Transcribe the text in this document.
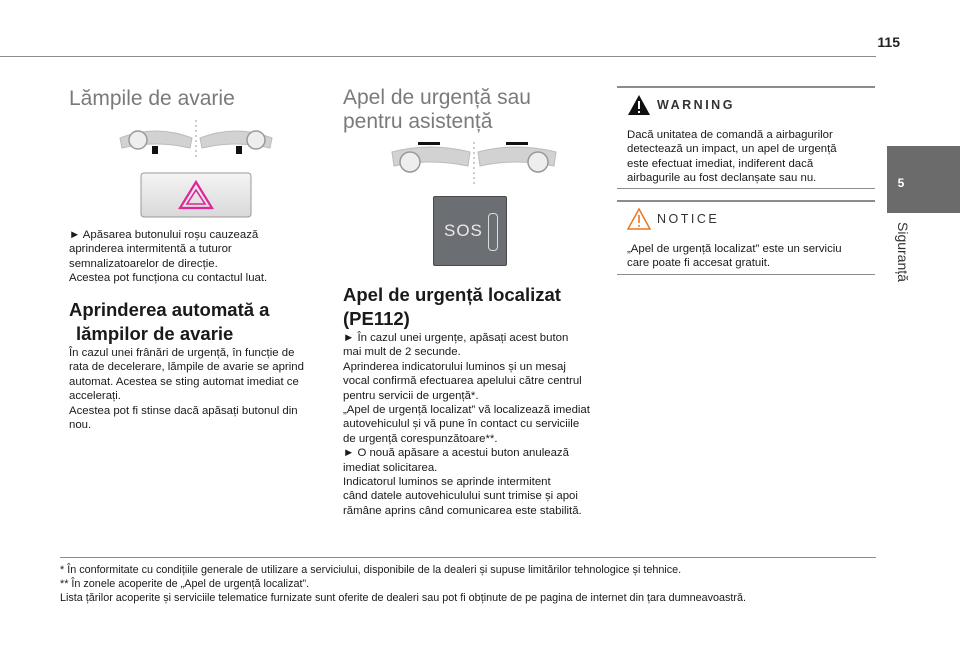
115
5
Siguranță
Lămpile de avarie

► Apăsarea butonului roșu cauzează

aprinderea intermitentă a tuturor

semnalizatoarelor de direcție.

Acestea pot funcționa cu contactul luat.

Aprinderea automată a
lămpilor de avarie

În cazul unei frânări de urgență, în funcție de

rata de decelerare, lămpile de avarie se aprind

automat. Acestea se sting automat imediat ce

accelerați.

Acestea pot fi stinse dacă apăsați butonul din

nou.

Apel de urgență sau
pentru asistență
SOS
Apel de urgență localizat
(PE112)

► În cazul unei urgențe, apăsați acest buton

mai mult de 2 secunde.

Aprinderea indicatorului luminos și un mesaj

vocal confirmă efectuarea apelului către centrul

pentru servicii de urgență*.

„Apel de urgență localizat” vă localizează imediat

autovehiculul și vă pune în contact cu serviciile

de urgență corespunzătoare**.

► O nouă apăsare a acestui buton anulează

imediat solicitarea.

Indicatorul luminos se aprinde intermitent

când datele autovehiculului sunt trimise și apoi

rămâne aprins când comunicarea este stabilită.

WARNING
Dacă unitatea de comandă a airbagurilor
detectează un impact, un apel de urgență
este efectuat imediat, indiferent dacă
airbagurile au fost declanșate sau nu.
NOTICE
„Apel de urgență localizat” este un serviciu
care poate fi accesat gratuit.

* În conformitate cu condițiile generale de utilizare a serviciului, disponibile de la dealeri și supuse limitărilor tehnologice și tehnice.

** În zonele acoperite de „Apel de urgență localizat”.

Lista țărilor acoperite și serviciile telematice furnizate sunt oferite de dealeri sau pot fi obținute de pe pagina de internet din țara dumneavoastră.
